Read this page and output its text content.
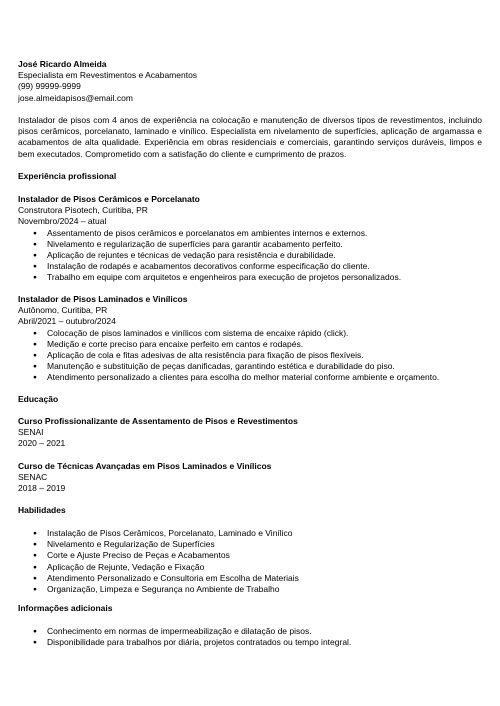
José Ricardo Almeida

Especialista em Revestimentos e Acabamentos

(99) 99999-9999

jose.almeidapisos@email.com

Instalador de pisos com 4 anos de experiência na colocação e manutenção de diversos tipos de revestimentos, incluindo pisos cerâmicos, porcelanato, laminado e vinílico. Especialista em nivelamento de superfícies, aplicação de argamassa e acabamentos de alta qualidade. Experiência em obras residenciais e comerciais, garantindo serviços duráveis, limpos e bem executados. Comprometido com a satisfação do cliente e cumprimento de prazos.

Experiência profissional

Instalador de Pisos Cerâmicos e Porcelanato

Construtora Pisotech, Curitiba, PR

Novembro/2024 – atual

● Assentamento de pisos cerâmicos e porcelanatos em ambientes internos e externos.
● Nivelamento e regularização de superfícies para garantir acabamento perfeito.
● Aplicação de rejuntes e técnicas de vedação para resistência e durabilidade.
● Instalação de rodapés e acabamentos decorativos conforme especificação do cliente.
● Trabalho em equipe com arquitetos e engenheiros para execução de projetos personalizados.

Instalador de Pisos Laminados e Vinílicos

Autônomo, Curitiba, PR

Abril/2021 – outubro/2024

● Colocação de pisos laminados e vinílicos com sistema de encaixe rápido (click).
● Medição e corte preciso para encaixe perfeito em cantos e rodapés.
● Aplicação de cola e fitas adesivas de alta resistência para fixação de pisos flexíveis.
● Manutenção e substituição de peças danificadas, garantindo estética e durabilidade do piso.
● Atendimento personalizado a clientes para escolha do melhor material conforme ambiente e orçamento.

Educação

Curso Profissionalizante de Assentamento de Pisos e Revestimentos

SENAI

2020 – 2021

Curso de Técnicas Avançadas em Pisos Laminados e Vinílicos

SENAC

2018 – 2019

Habilidades

● Instalação de Pisos Cerâmicos, Porcelanato, Laminado e Vinílico
● Nivelamento e Regularização de Superfícies
● Corte e Ajuste Preciso de Peças e Acabamentos
● Aplicação de Rejunte, Vedação e Fixação
● Atendimento Personalizado e Consultoria em Escolha de Materiais
● Organização, Limpeza e Segurança no Ambiente de Trabalho

Informações adicionais

● Conhecimento em normas de impermeabilização e dilatação de pisos.
● Disponibilidade para trabalhos por diária, projetos contratados ou tempo integral.
